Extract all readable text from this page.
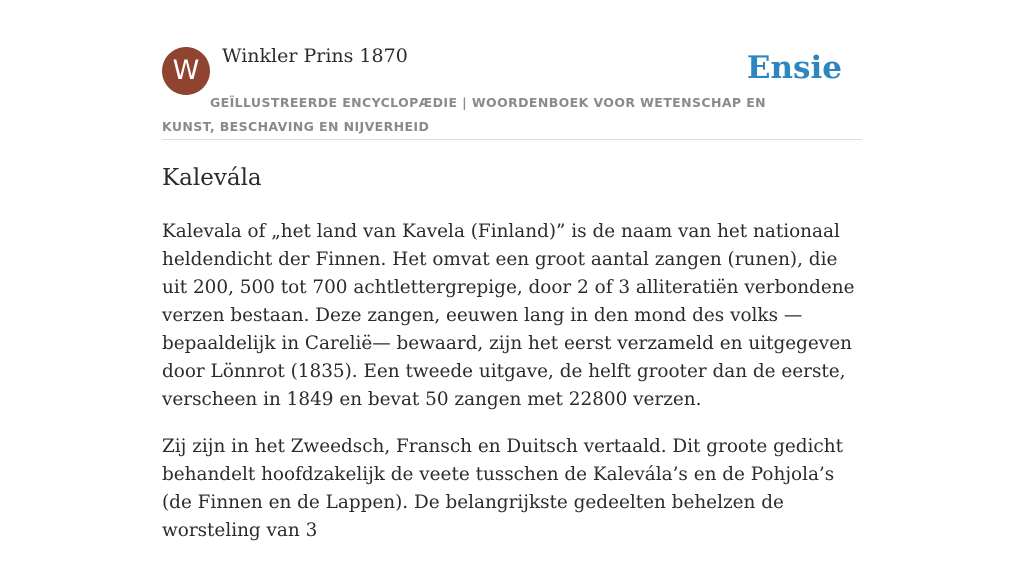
W	Winkler Prins 1870	Ensie
GEÏLLUSTREERDE ENCYCLOPÆDIE | WOORDENBOEK VOOR WETENSCHAP EN KUNST, BESCHAVING EN NIJVERHEID
Kalevála

Kalevala of „het land van Kavela (Finland)” is de naam van het nationaal heldendicht der Finnen. Het omvat een groot aantal zangen (runen), die uit 200, 500 tot 700 achtlettergrepige, door 2 of 3 alliteratiën verbondene verzen bestaan. Deze zangen, eeuwen lang in den mond des volks — bepaaldelijk in Careliё— bewaard, zijn het eerst verzameld en uitgegeven door Lönnrot (1835). Een tweede uitgave, de helft grooter dan de eerste, verscheen in 1849 en bevat 50 zangen met 22800 verzen.

Zij zijn in het Zweedsch, Fransch en Duitsch vertaald. Dit groote gedicht behandelt hoofdzakelijk de veete tusschen de Kalevála’s en de Pohjola’s (de Finnen en de Lappen). De belangrijkste gedeelten behelzen de worsteling van 3
